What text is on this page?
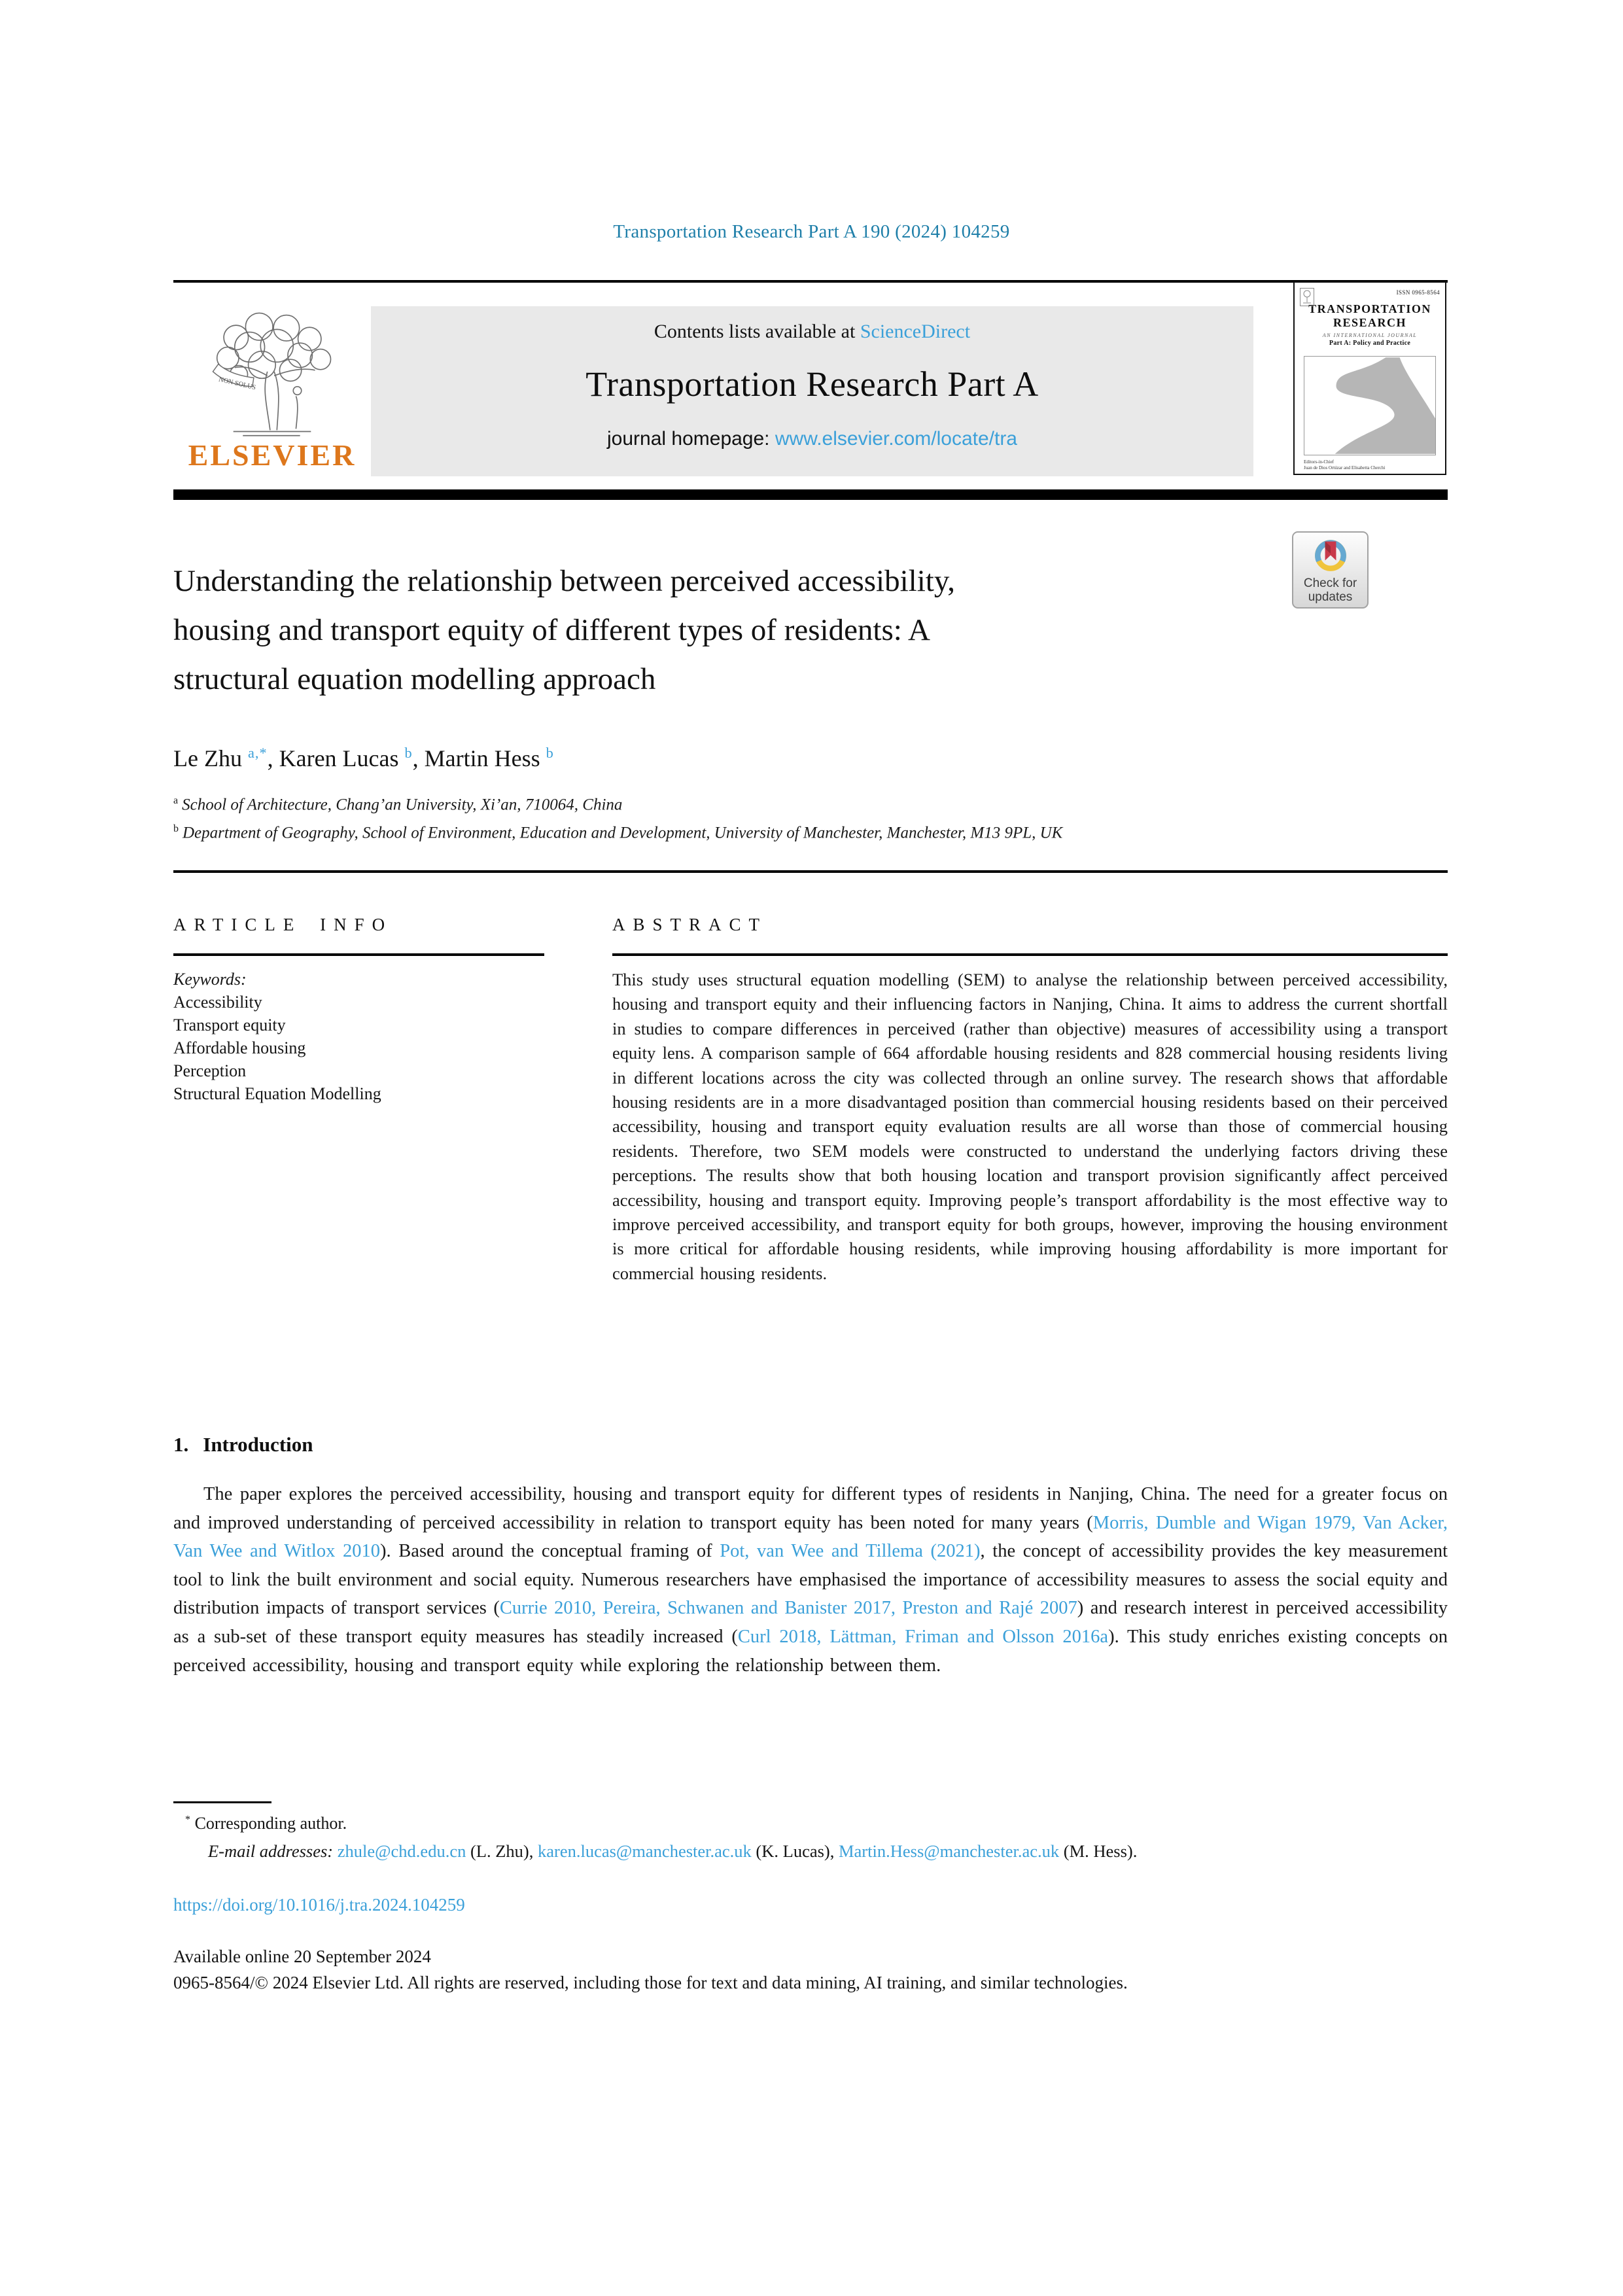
Transportation Research Part A 190 (2024) 104259
NON SOLUS
ELSEVIER
Contents lists available at ScienceDirect
Transportation Research Part A
journal homepage: www.elsevier.com/locate/tra
ISSN 0965-8564
TRANSPORTATION
RESEARCH
AN INTERNATIONAL JOURNAL
Part A: Policy and Practice
Editors-in-Chief
Juan de Dios Ortúzar and Elisabetta Cherchi
Check for
updates
Understanding the relationship between perceived accessibility,
housing and transport equity of different types of residents: A
structural equation modelling approach
Le Zhu $^{a,*}$, Karen Lucas $^b$, Martin Hess $^b$
$^a$ School of Architecture, Chang’an University, Xi’an, 710064, China
$^b$ Department of Geography, School of Environment, Education and Development, University of Manchester, Manchester, M13 9PL, UK
ARTICLE INFO
Keywords:
Accessibility
Transport equity
Affordable housing
Perception
Structural Equation Modelling
ABSTRACT
This study uses structural equation modelling (SEM) to analyse the relationship between perceived accessibility, housing and transport equity and their influencing factors in Nanjing, China. It aims to address the current shortfall in studies to compare differences in perceived (rather than objective) measures of accessibility using a transport equity lens. A comparison sample of 664 affordable housing residents and 828 commercial housing residents living in different locations across the city was collected through an online survey. The research shows that affordable housing residents are in a more disadvantaged position than commercial housing residents based on their perceived accessibility, housing and transport equity evaluation results are all worse than those of commercial housing residents. Therefore, two SEM models were constructed to understand the underlying factors driving these perceptions. The results show that both housing location and transport provision significantly affect perceived accessibility, housing and transport equity. Improving people’s transport affordability is the most effective way to improve perceived accessibility, and transport equity for both groups, however, improving the housing environment is more critical for affordable housing residents, while improving housing affordability is more important for commercial housing residents.
1. Introduction
The paper explores the perceived accessibility, housing and transport equity for different types of residents in Nanjing, China. The need for a greater focus on and improved understanding of perceived accessibility in relation to transport equity has been noted for many years (Morris, Dumble and Wigan 1979, Van Acker, Van Wee and Witlox 2010). Based around the conceptual framing of Pot, van Wee and Tillema (2021), the concept of accessibility provides the key measurement tool to link the built environment and social equity. Numerous researchers have emphasised the importance of accessibility measures to assess the social equity and distribution impacts of transport services (Currie 2010, Pereira, Schwanen and Banister 2017, Preston and Rajé 2007) and research interest in perceived accessibility as a sub-set of these transport equity measures has steadily increased (Curl 2018, Lättman, Friman and Olsson 2016a). This study enriches existing concepts on perceived accessibility, housing and transport equity while exploring the relationship between them.
* Corresponding author.
E-mail addresses: zhule@chd.edu.cn (L. Zhu), karen.lucas@manchester.ac.uk (K. Lucas), Martin.Hess@manchester.ac.uk (M. Hess).
https://doi.org/10.1016/j.tra.2024.104259
Available online 20 September 2024
0965-8564/© 2024 Elsevier Ltd. All rights are reserved, including those for text and data mining, AI training, and similar technologies.
